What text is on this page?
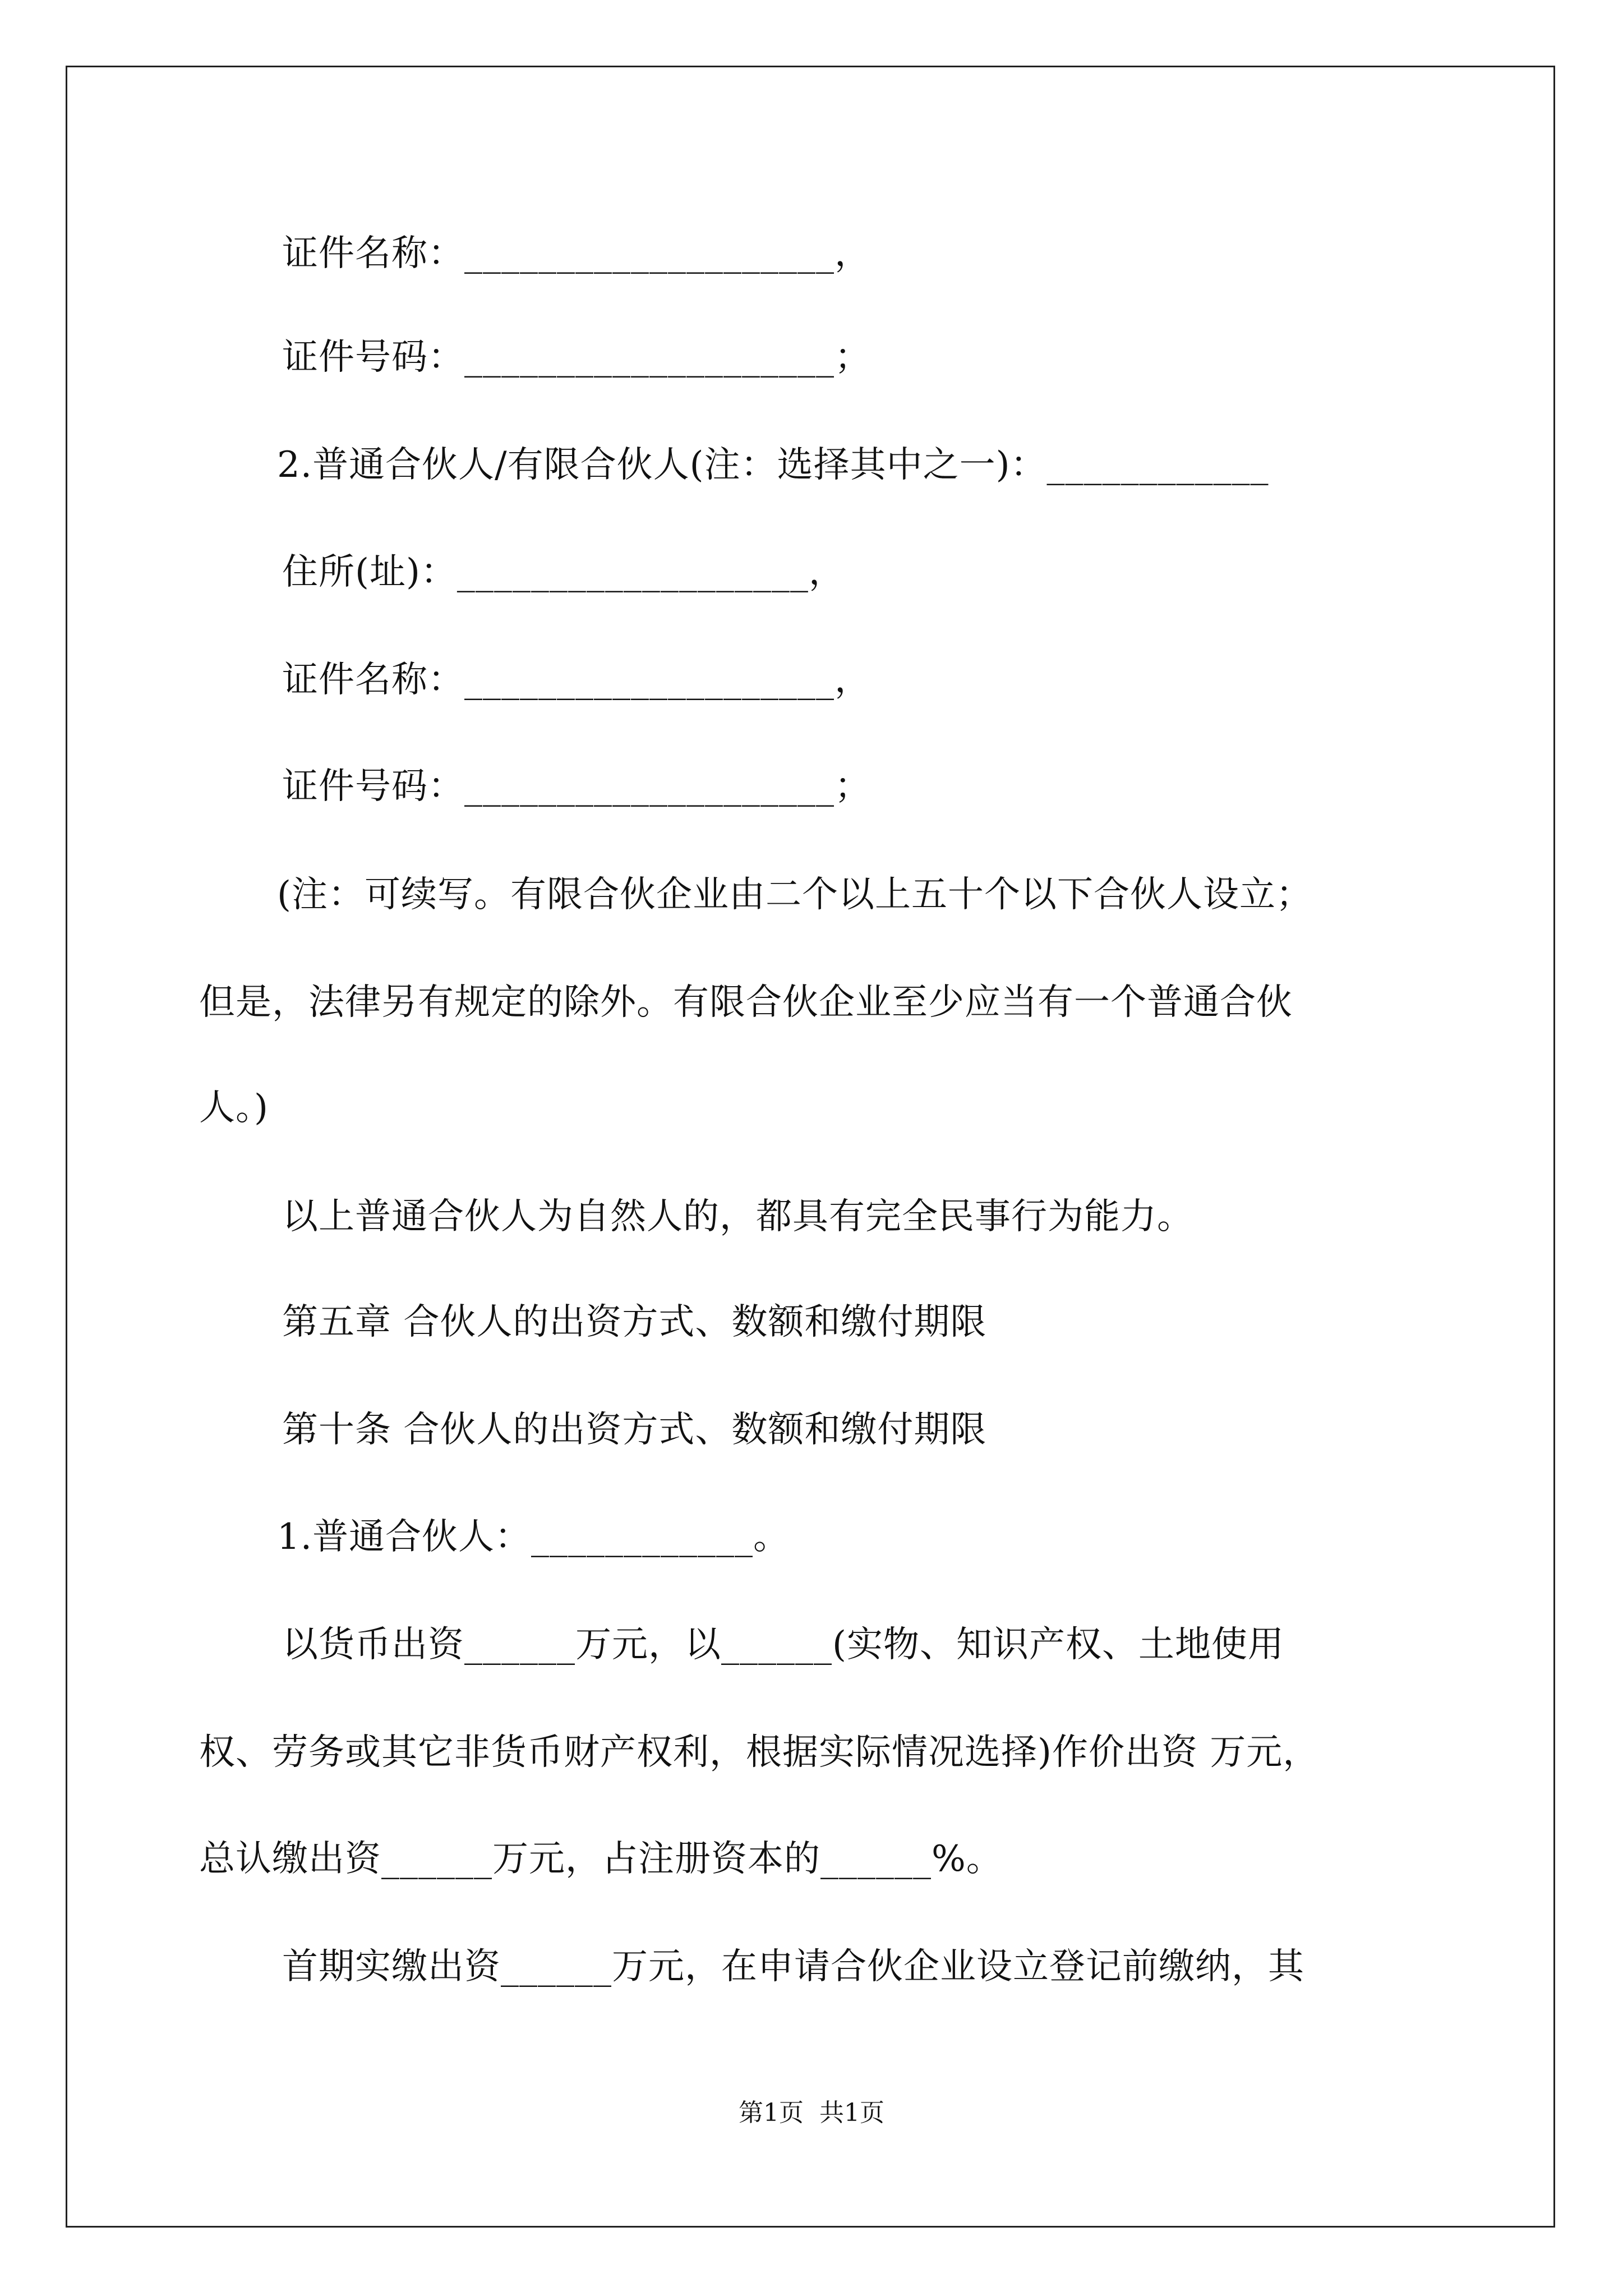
证件名称：____________________，
证件号码：____________________；
2.普通合伙人/有限合伙人(注：选择其中之一)：____________
住所(址)：___________________，
证件名称：____________________，
证件号码：____________________；
(注：可续写。有限合伙企业由二个以上五十个以下合伙人设立；
但是，法律另有规定的除外。有限合伙企业至少应当有一个普通合伙
人。)
以上普通合伙人为自然人的，都具有完全民事行为能力。
第五章 合伙人的出资方式、数额和缴付期限
第十条 合伙人的出资方式、数额和缴付期限
1.普通合伙人：____________。
以货币出资______万元，以______(实物、知识产权、土地使用
权、劳务或其它非货币财产权利，根据实际情况选择)作价出资 万元，
总认缴出资______万元，占注册资本的______%。
首期实缴出资______万元，在申请合伙企业设立登记前缴纳，其
第1页  共1页
